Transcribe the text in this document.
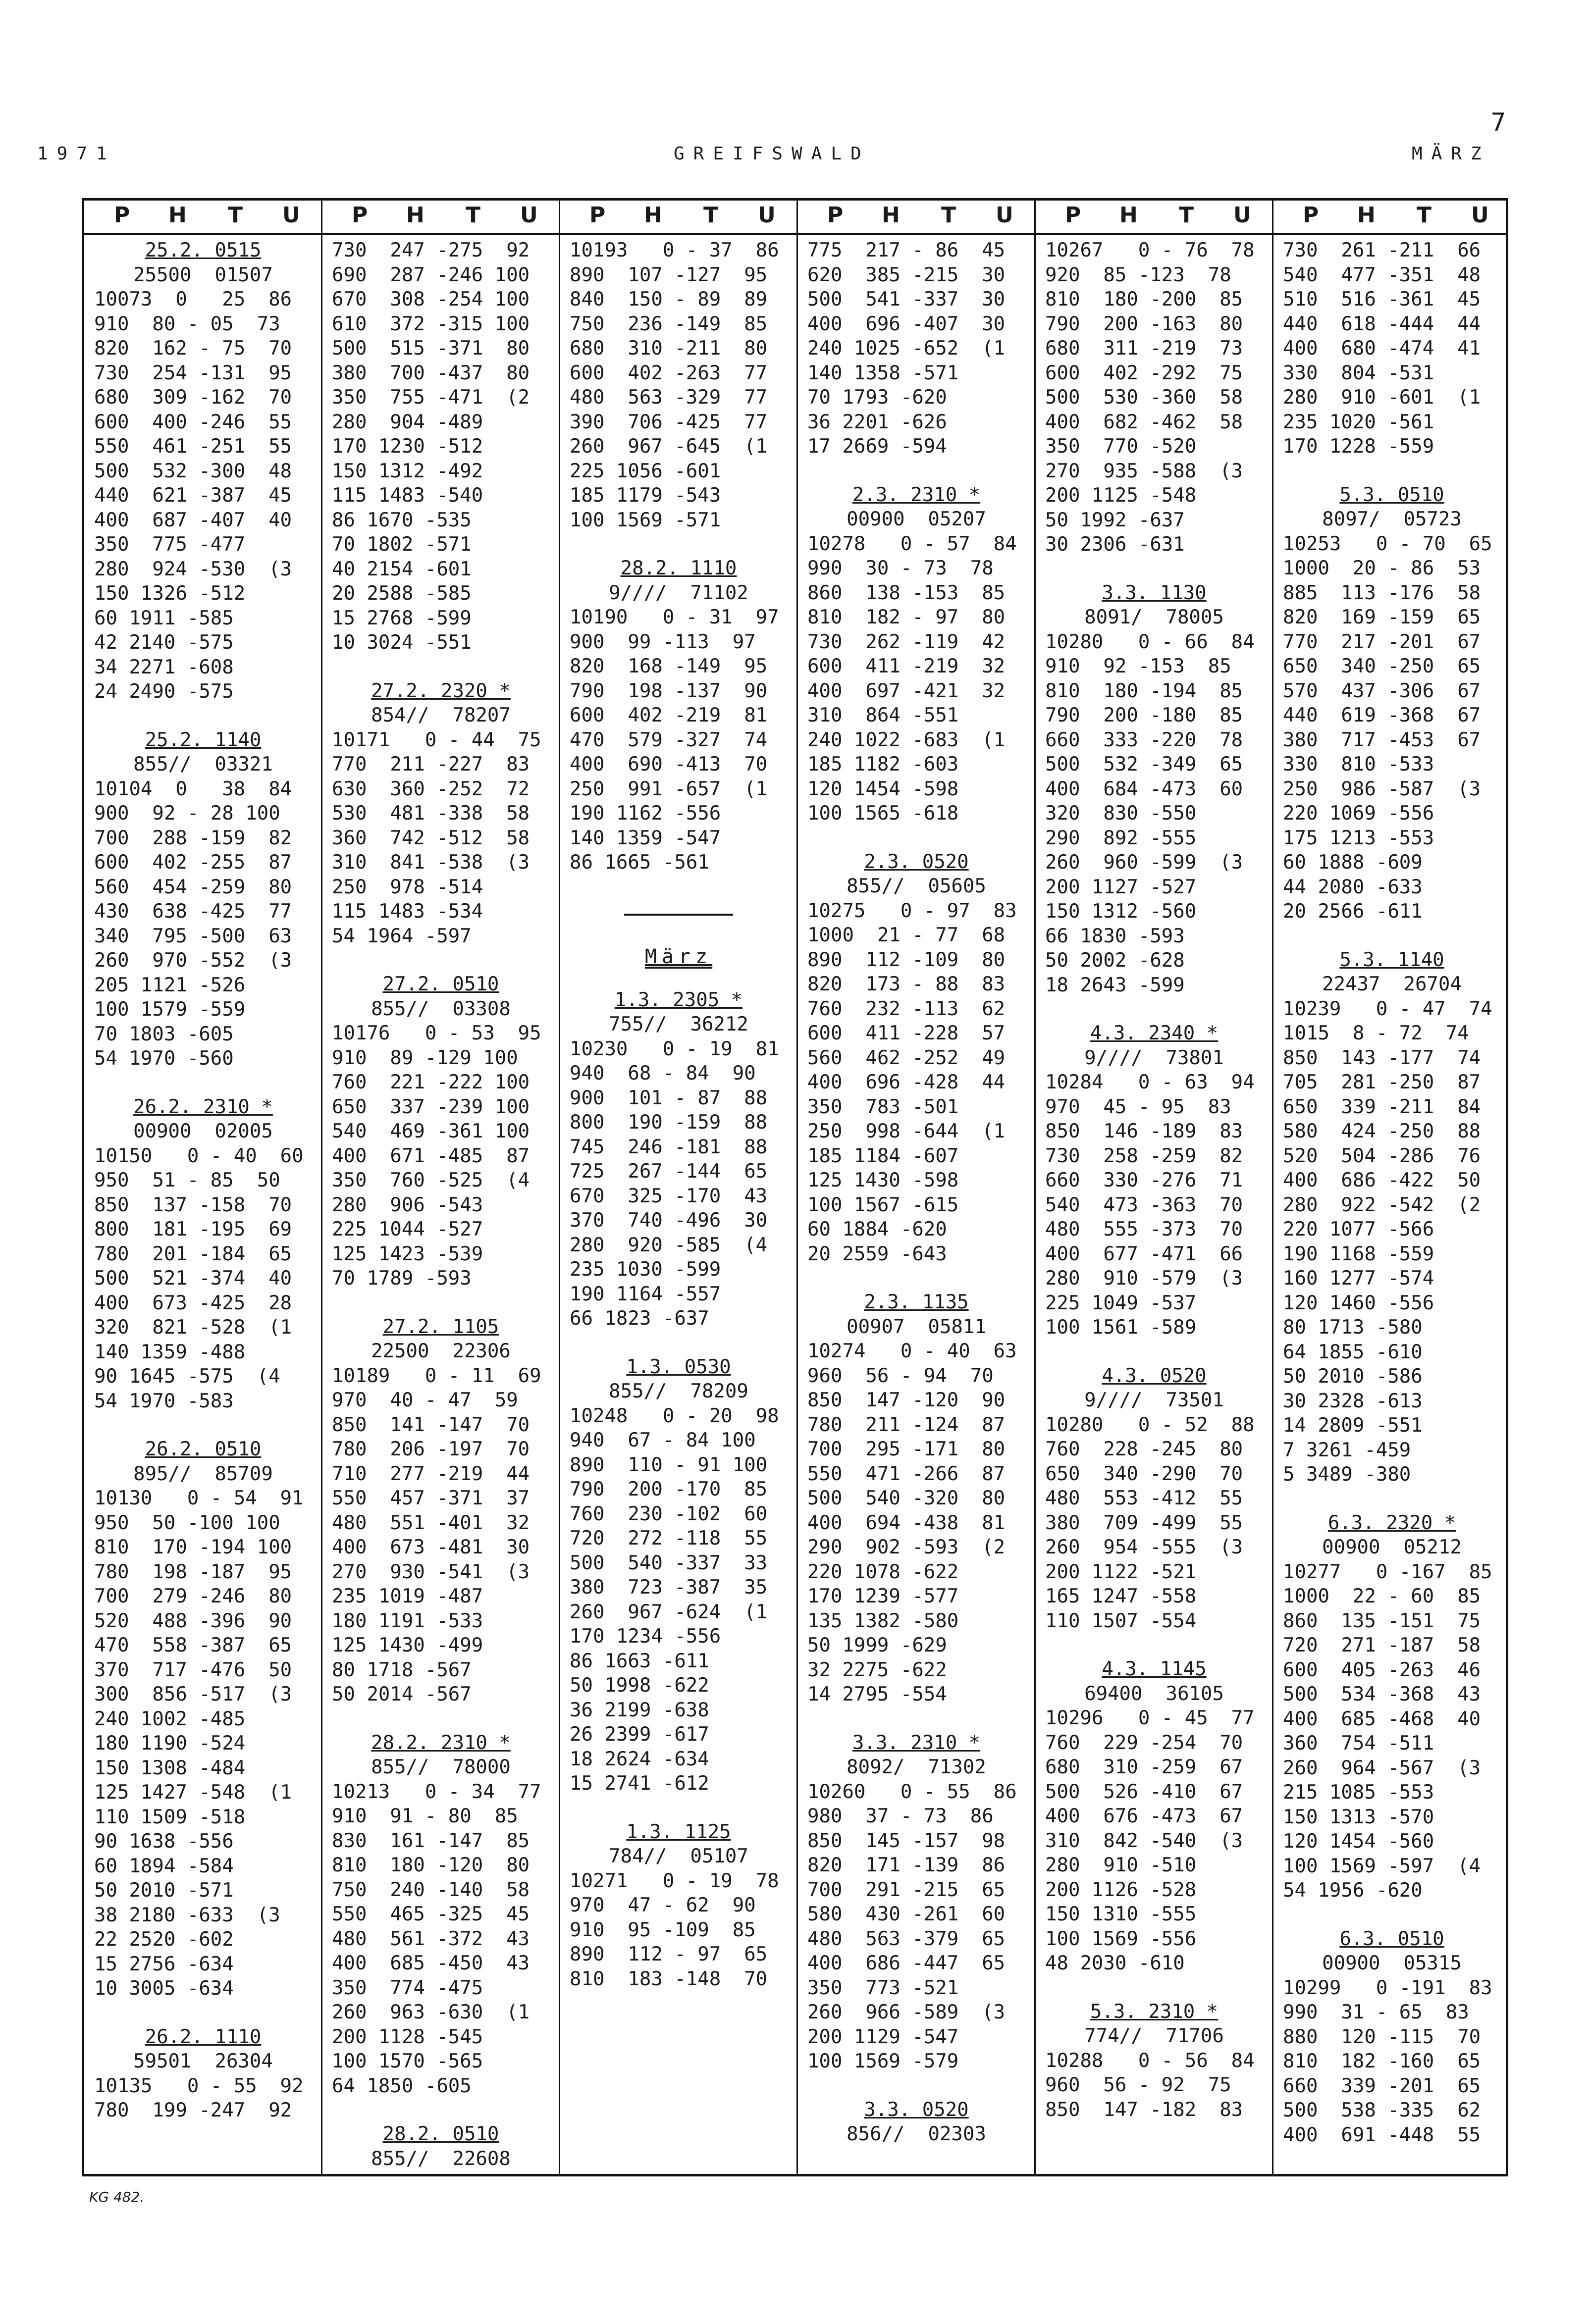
1971	GREIFSWALD	MÄRZ
7
P H T U P H T U P H T U P H T U P H T U P H T U
25.2. 0515
25500  01507
10073  0   25  86
910  80 - 05  73
820  162 - 75  70
730  254 -131  95
680  309 -162  70
600  400 -246  55
550  461 -251  55
500  532 -300  48
440  621 -387  45
400  687 -407  40
350  775 -477
280  924 -530  (3
150 1326 -512
60 1911 -585
42 2140 -575
34 2271 -608
24 2490 -575
25.2. 1140
855//  03321
10104  0   38  84
900  92 - 28 100
700  288 -159  82
600  402 -255  87
560  454 -259  80
430  638 -425  77
340  795 -500  63
260  970 -552  (3
205 1121 -526
100 1579 -559
70 1803 -605
54 1970 -560
26.2. 2310 *
00900  02005
10150   0 - 40  60
950  51 - 85  50
850  137 -158  70
800  181 -195  69
780  201 -184  65
500  521 -374  40
400  673 -425  28
320  821 -528  (1
140 1359 -488
90 1645 -575  (4
54 1970 -583
26.2. 0510
895//  85709
10130   0 - 54  91
950  50 -100 100
810  170 -194 100
780  198 -187  95
700  279 -246  80
520  488 -396  90
470  558 -387  65
370  717 -476  50
300  856 -517  (3
240 1002 -485
180 1190 -524
150 1308 -484
125 1427 -548  (1
110 1509 -518
90 1638 -556
60 1894 -584
50 2010 -571
38 2180 -633  (3
22 2520 -602
15 2756 -634
10 3005 -634
26.2. 1110
59501  26304
10135   0 - 55  92
780  199 -247  92
730  247 -275  92
690  287 -246 100
670  308 -254 100
610  372 -315 100
500  515 -371  80
380  700 -437  80
350  755 -471  (2
280  904 -489
170 1230 -512
150 1312 -492
115 1483 -540
86 1670 -535
70 1802 -571
40 2154 -601
20 2588 -585
15 2768 -599
10 3024 -551
27.2. 2320 *
854//  78207
10171   0 - 44  75
770  211 -227  83
630  360 -252  72
530  481 -338  58
360  742 -512  58
310  841 -538  (3
250  978 -514
115 1483 -534
54 1964 -597
27.2. 0510
855//  03308
10176   0 - 53  95
910  89 -129 100
760  221 -222 100
650  337 -239 100
540  469 -361 100
400  671 -485  87
350  760 -525  (4
280  906 -543
225 1044 -527
125 1423 -539
70 1789 -593
27.2. 1105
22500  22306
10189   0 - 11  69
970  40 - 47  59
850  141 -147  70
780  206 -197  70
710  277 -219  44
550  457 -371  37
480  551 -401  32
400  673 -481  30
270  930 -541  (3
235 1019 -487
180 1191 -533
125 1430 -499
80 1718 -567
50 2014 -567
28.2. 2310 *
855//  78000
10213   0 - 34  77
910  91 - 80  85
830  161 -147  85
810  180 -120  80
750  240 -140  58
550  465 -325  45
480  561 -372  43
400  685 -450  43
350  774 -475
260  963 -630  (1
200 1128 -545
100 1570 -565
64 1850 -605
28.2. 0510
855//  22608
10193   0 - 37  86
890  107 -127  95
840  150 - 89  89
750  236 -149  85
680  310 -211  80
600  402 -263  77
480  563 -329  77
390  706 -425  77
260  967 -645  (1
225 1056 -601
185 1179 -543
100 1569 -571
28.2. 1110
9////  71102
10190   0 - 31  97
900  99 -113  97
820  168 -149  95
790  198 -137  90
600  402 -219  81
470  579 -327  74
400  690 -413  70
250  991 -657  (1
190 1162 -556
140 1359 -547
86 1665 -561
März
1.3. 2305 *
755//  36212
10230   0 - 19  81
940  68 - 84  90
900  101 - 87  88
800  190 -159  88
745  246 -181  88
725  267 -144  65
670  325 -170  43
370  740 -496  30
280  920 -585  (4
235 1030 -599
190 1164 -557
66 1823 -637
1.3. 0530
855//  78209
10248   0 - 20  98
940  67 - 84 100
890  110 - 91 100
790  200 -170  85
760  230 -102  60
720  272 -118  55
500  540 -337  33
380  723 -387  35
260  967 -624  (1
170 1234 -556
86 1663 -611
50 1998 -622
36 2199 -638
26 2399 -617
18 2624 -634
15 2741 -612
1.3. 1125
784//  05107
10271   0 - 19  78
970  47 - 62  90
910  95 -109  85
890  112 - 97  65
810  183 -148  70
775  217 - 86  45
620  385 -215  30
500  541 -337  30
400  696 -407  30
240 1025 -652  (1
140 1358 -571
70 1793 -620
36 2201 -626
17 2669 -594
2.3. 2310 *
00900  05207
10278   0 - 57  84
990  30 - 73  78
860  138 -153  85
810  182 - 97  80
730  262 -119  42
600  411 -219  32
400  697 -421  32
310  864 -551
240 1022 -683  (1
185 1182 -603
120 1454 -598
100 1565 -618
2.3. 0520
855//  05605
10275   0 - 97  83
1000  21 - 77  68
890  112 -109  80
820  173 - 88  83
760  232 -113  62
600  411 -228  57
560  462 -252  49
400  696 -428  44
350  783 -501
250  998 -644  (1
185 1184 -607
125 1430 -598
100 1567 -615
60 1884 -620
20 2559 -643
2.3. 1135
00907  05811
10274   0 - 40  63
960  56 - 94  70
850  147 -120  90
780  211 -124  87
700  295 -171  80
550  471 -266  87
500  540 -320  80
400  694 -438  81
290  902 -593  (2
220 1078 -622
170 1239 -577
135 1382 -580
50 1999 -629
32 2275 -622
14 2795 -554
3.3. 2310 *
8092/  71302
10260   0 - 55  86
980  37 - 73  86
850  145 -157  98
820  171 -139  86
700  291 -215  65
580  430 -261  60
480  563 -379  65
400  686 -447  65
350  773 -521
260  966 -589  (3
200 1129 -547
100 1569 -579
3.3. 0520
856//  02303
10267   0 - 76  78
920  85 -123  78
810  180 -200  85
790  200 -163  80
680  311 -219  73
600  402 -292  75
500  530 -360  58
400  682 -462  58
350  770 -520
270  935 -588  (3
200 1125 -548
50 1992 -637
30 2306 -631
3.3. 1130
8091/  78005
10280   0 - 66  84
910  92 -153  85
810  180 -194  85
790  200 -180  85
660  333 -220  78
500  532 -349  65
400  684 -473  60
320  830 -550
290  892 -555
260  960 -599  (3
200 1127 -527
150 1312 -560
66 1830 -593
50 2002 -628
18 2643 -599
4.3. 2340 *
9////  73801
10284   0 - 63  94
970  45 - 95  83
850  146 -189  83
730  258 -259  82
660  330 -276  71
540  473 -363  70
480  555 -373  70
400  677 -471  66
280  910 -579  (3
225 1049 -537
100 1561 -589
4.3. 0520
9////  73501
10280   0 - 52  88
760  228 -245  80
650  340 -290  70
480  553 -412  55
380  709 -499  55
260  954 -555  (3
200 1122 -521
165 1247 -558
110 1507 -554
4.3. 1145
69400  36105
10296   0 - 45  77
760  229 -254  70
680  310 -259  67
500  526 -410  67
400  676 -473  67
310  842 -540  (3
280  910 -510
200 1126 -528
150 1310 -555
100 1569 -556
48 2030 -610
5.3. 2310 *
774//  71706
10288   0 - 56  84
960  56 - 92  75
850  147 -182  83
730  261 -211  66
540  477 -351  48
510  516 -361  45
440  618 -444  44
400  680 -474  41
330  804 -531
280  910 -601  (1
235 1020 -561
170 1228 -559
5.3. 0510
8097/  05723
10253   0 - 70  65
1000  20 - 86  53
885  113 -176  58
820  169 -159  65
770  217 -201  67
650  340 -250  65
570  437 -306  67
440  619 -368  67
380  717 -453  67
330  810 -533
250  986 -587  (3
220 1069 -556
175 1213 -553
60 1888 -609
44 2080 -633
20 2566 -611
5.3. 1140
22437  26704
10239   0 - 47  74
1015  8 - 72  74
850  143 -177  74
705  281 -250  87
650  339 -211  84
580  424 -250  88
520  504 -286  76
400  686 -422  50
280  922 -542  (2
220 1077 -566
190 1168 -559
160 1277 -574
120 1460 -556
80 1713 -580
64 1855 -610
50 2010 -586
30 2328 -613
14 2809 -551
7 3261 -459
5 3489 -380
6.3. 2320 *
00900  05212
10277   0 -167  85
1000  22 - 60  85
860  135 -151  75
720  271 -187  58
600  405 -263  46
500  534 -368  43
400  685 -468  40
360  754 -511
260  964 -567  (3
215 1085 -553
150 1313 -570
120 1454 -560
100 1569 -597  (4
54 1956 -620
6.3. 0510
00900  05315
10299   0 -191  83
990  31 - 65  83
880  120 -115  70
810  182 -160  65
660  339 -201  65
500  538 -335  62
400  691 -448  55
KG 482.
